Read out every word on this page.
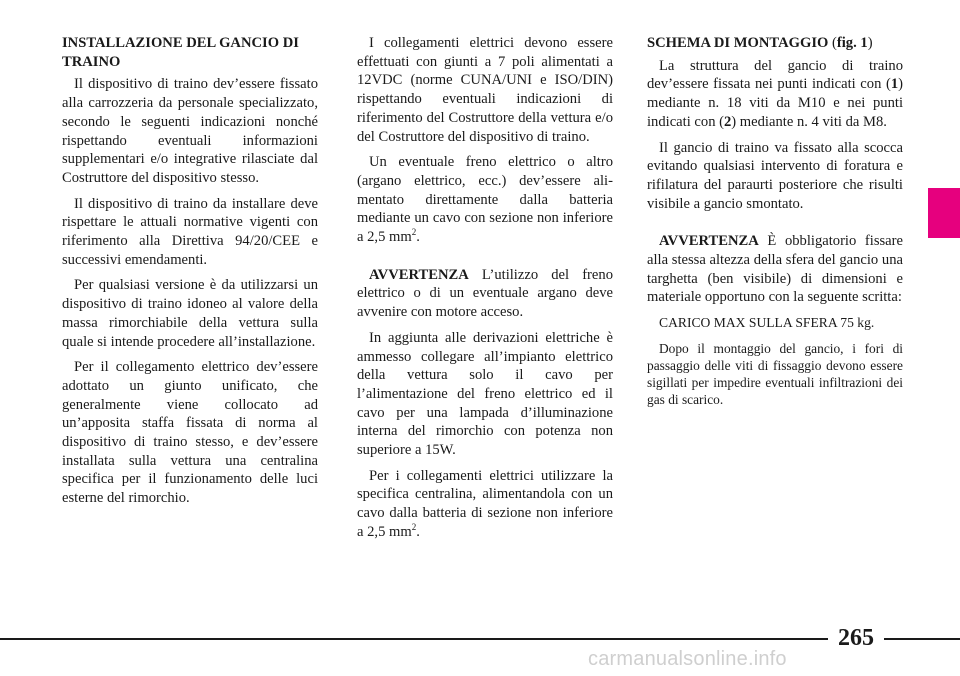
INSTALLAZIONE DEL GANCIO DI TRAINO

Il dispositivo di traino dev’essere fissato alla carrozzeria da personale specializzato, secondo le seguenti indicazioni nonché rispettando eventuali informazioni supplementari e/o integrative rilasciate dal Costruttore del dispositivo stesso.

Il dispositivo di traino da installare deve rispettare le attuali normative vigenti con riferimento alla Direttiva 94/20/CEE e successivi emendamenti.

Per qualsiasi versione è da utilizzarsi un dispositivo di traino idoneo al valore della massa rimorchiabile della vettura sulla quale si intende procedere all’installazione.

Per il collegamento elettrico dev’essere adottato un giunto unificato, che generalmente viene collocato ad un’apposita staffa fissata di norma al dispositivo di traino stesso, e dev’essere installata sulla vettura una centralina specifica per il funzionamento delle luci esterne del rimorchio.

I collegamenti elettrici devono essere effettuati con giunti a 7 poli alimentati a 12VDC (norme CUNA/UNI e ISO/DIN) rispettando eventuali indicazioni di riferimento del Costruttore della vettura e/o del Costruttore del dispositivo di traino.

Un eventuale freno elettrico o altro (argano elettrico, ecc.) dev’essere alimentato direttamente dalla batteria mediante un cavo con sezione non inferiore a 2,5 $mm^2$.

AVVERTENZA L’utilizzo del freno elettrico o di un eventuale argano deve avvenire con motore acceso.

In aggiunta alle derivazioni elettriche è ammesso collegare all’impianto elettrico della vettura solo il cavo per l’alimentazione del freno elettrico ed il cavo per una lampada d’illuminazione interna del rimorchio con potenza non superiore a 15W.

Per i collegamenti elettrici utilizzare la specifica centralina, alimentandola con un cavo dalla batteria di sezione non inferiore a 2,5 $mm^2$.

SCHEMA DI MONTAGGIO (fig. 1)

La struttura del gancio di traino dev’essere fissata nei punti indicati con (1) mediante n. 18 viti da M10 e nei punti indicati con (2) mediante n. 4 viti da M8.

Il gancio di traino va fissato alla scocca evitando qualsiasi intervento di foratura e rifilatura del paraurti posteriore che risulti visibile a gancio smontato.

AVVERTENZA È obbligatorio fissare alla stessa altezza della sfera del gancio una targhetta (ben visibile) di dimensioni e materiale opportuno con la seguente scritta:

CARICO MAX SULLA SFERA 75 kg.

Dopo il montaggio del gancio, i fori di passaggio delle viti di fissaggio devono essere sigillati per impedire eventuali infiltrazioni dei gas di scarico.

265
carmanualsonline.info
